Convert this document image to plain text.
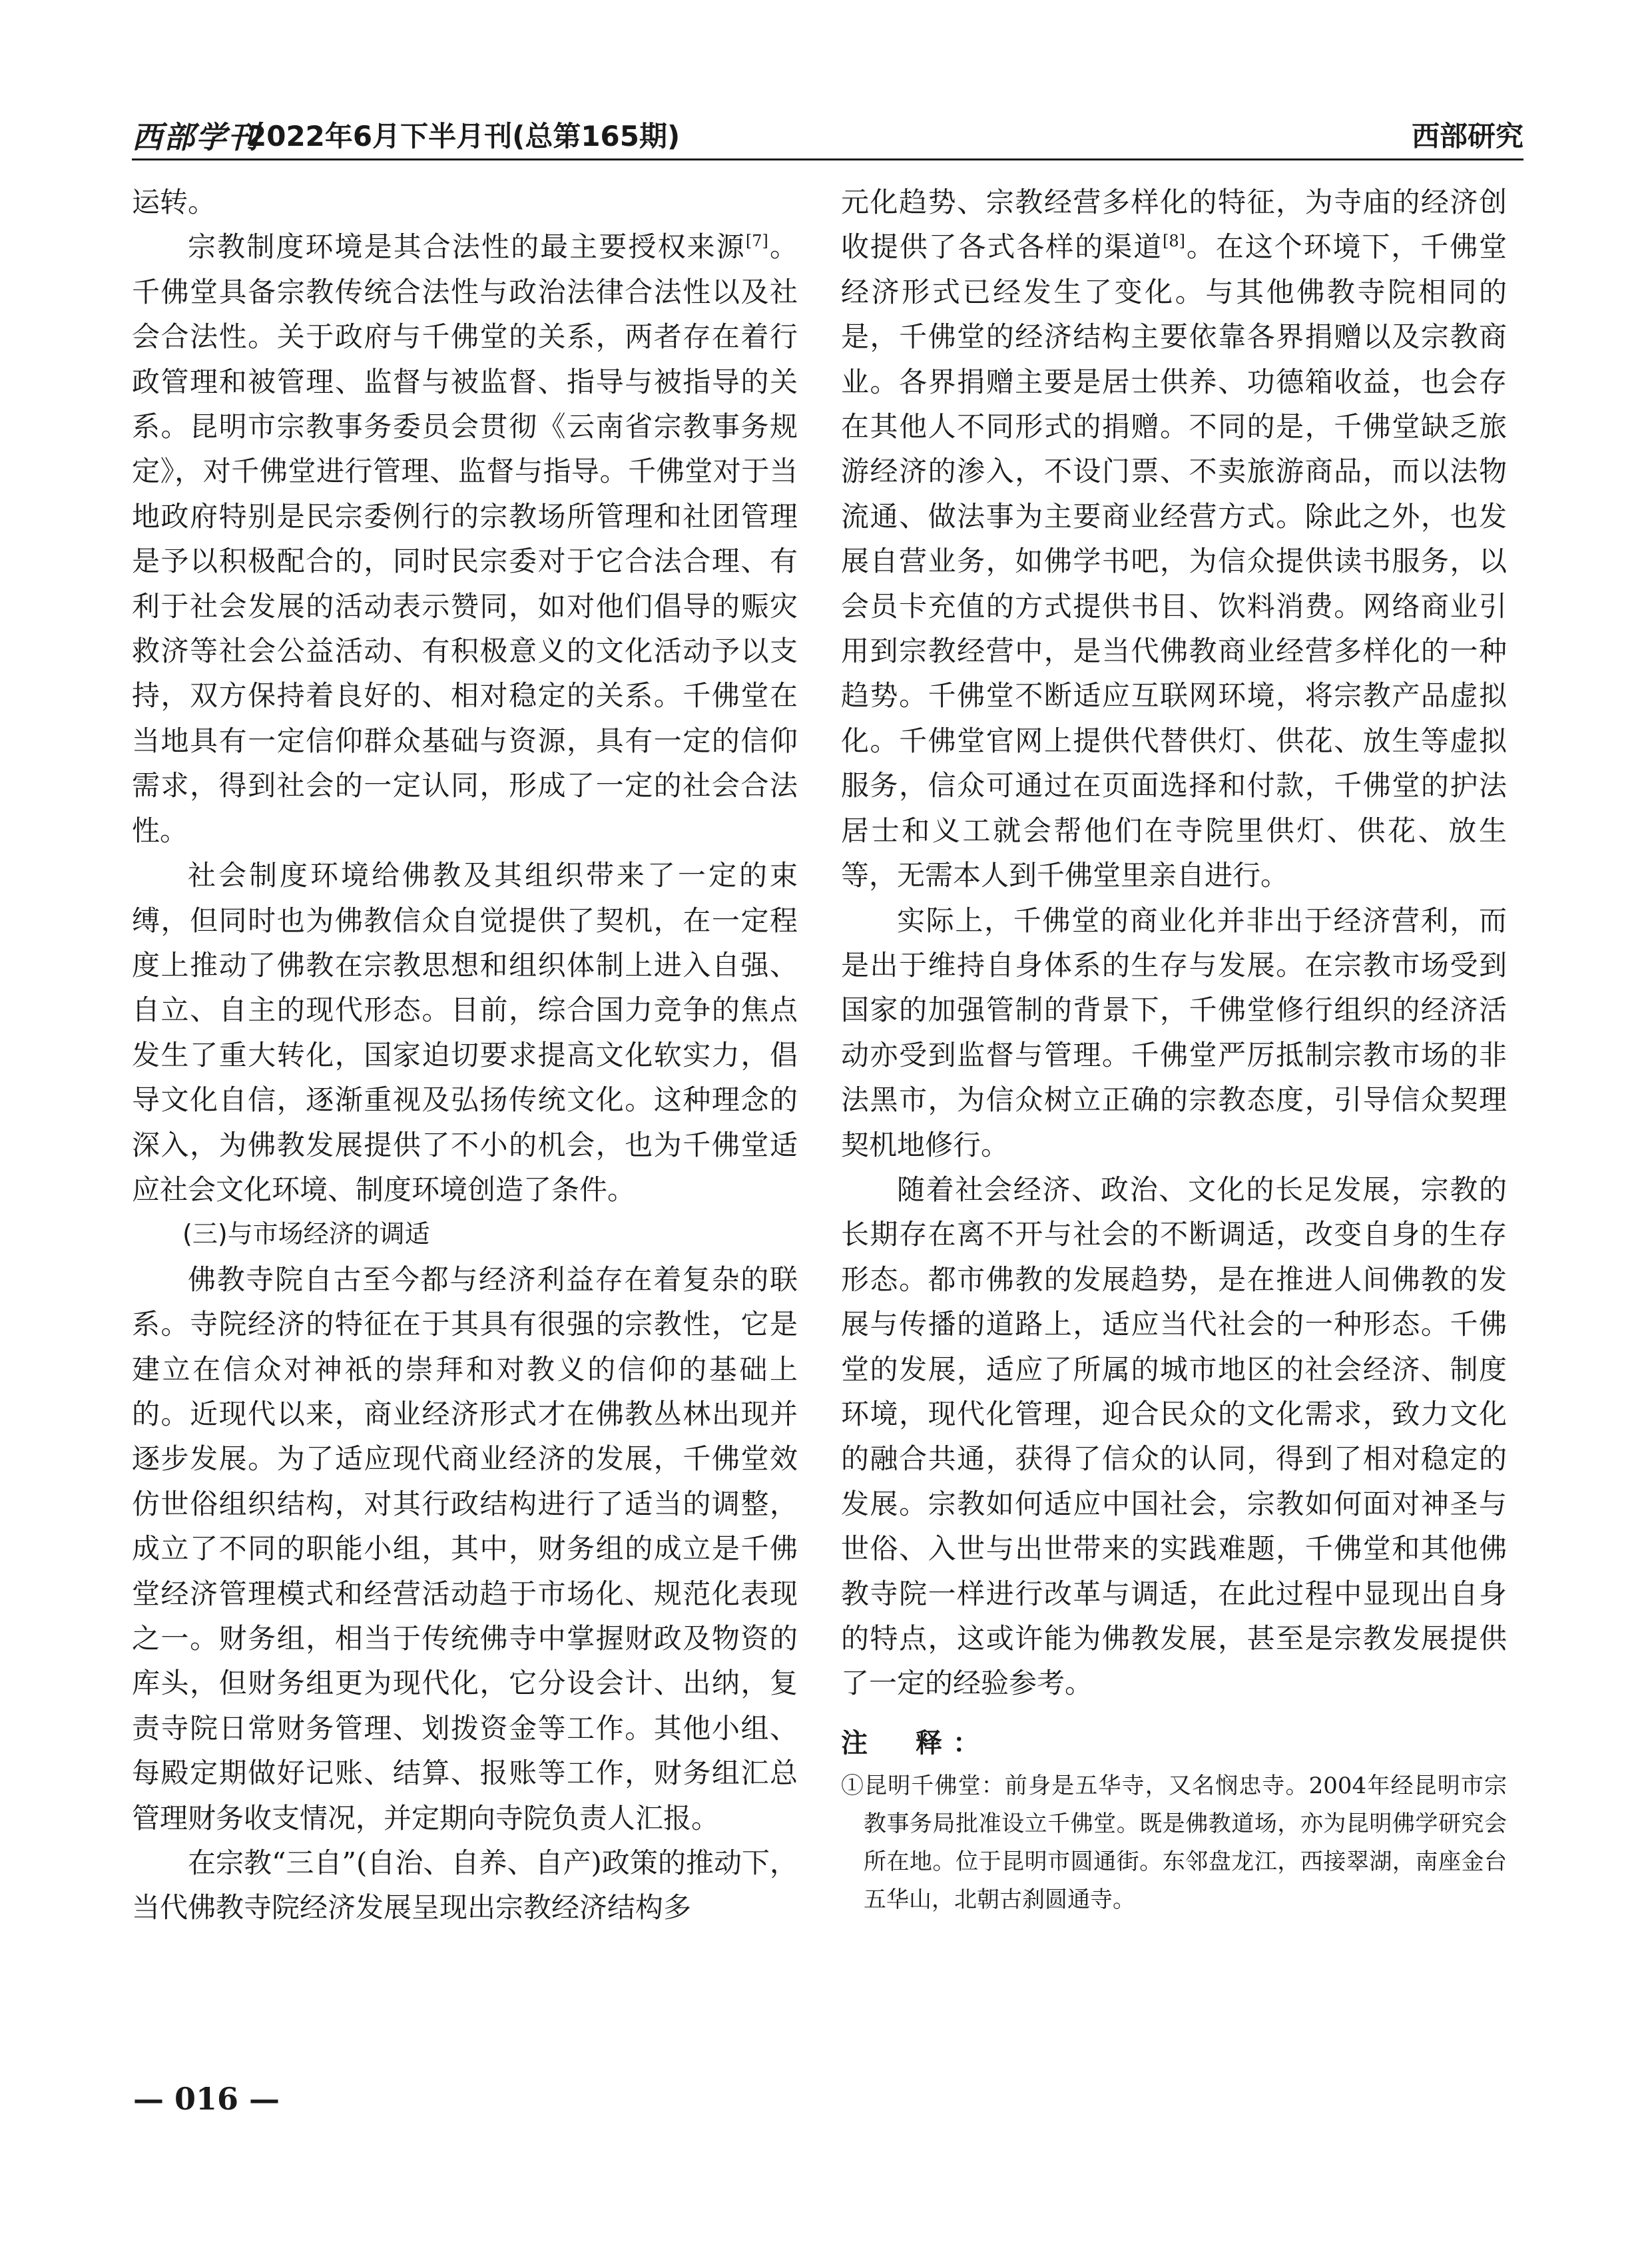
西部学刊
2022年6月下半月刊(总第165期)	西部研究

运转。

宗教制度环境是其合法性的最主要授权来源[7]。千佛堂具备宗教传统合法性与政治法律合法性以及社会合法性。关于政府与千佛堂的关系，两者存在着行政管理和被管理、监督与被监督、指导与被指导的关系。昆明市宗教事务委员会贯彻《云南省宗教事务规定》，对千佛堂进行管理、监督与指导。千佛堂对于当地政府特别是民宗委例行的宗教场所管理和社团管理是予以积极配合的，同时民宗委对于它合法合理、有利于社会发展的活动表示赞同，如对他们倡导的赈灾救济等社会公益活动、有积极意义的文化活动予以支持，双方保持着良好的、相对稳定的关系。千佛堂在当地具有一定信仰群众基础与资源，具有一定的信仰需求，得到社会的一定认同，形成了一定的社会合法性。

社会制度环境给佛教及其组织带来了一定的束缚，但同时也为佛教信众自觉提供了契机，在一定程度上推动了佛教在宗教思想和组织体制上进入自强、自立、自主的现代形态。目前，综合国力竞争的焦点发生了重大转化，国家迫切要求提高文化软实力，倡导文化自信，逐渐重视及弘扬传统文化。这种理念的深入，为佛教发展提供了不小的机会，也为千佛堂适应社会文化环境、制度环境创造了条件。

(三)与市场经济的调适

佛教寺院自古至今都与经济利益存在着复杂的联系。寺院经济的特征在于其具有很强的宗教性，它是建立在信众对神祇的崇拜和对教义的信仰的基础上的。近现代以来，商业经济形式才在佛教丛林出现并逐步发展。为了适应现代商业经济的发展，千佛堂效仿世俗组织结构，对其行政结构进行了适当的调整，成立了不同的职能小组，其中，财务组的成立是千佛堂经济管理模式和经营活动趋于市场化、规范化表现之一。财务组，相当于传统佛寺中掌握财政及物资的库头，但财务组更为现代化，它分设会计、出纳，复责寺院日常财务管理、划拨资金等工作。其他小组、每殿定期做好记账、结算、报账等工作，财务组汇总管理财务收支情况，并定期向寺院负责人汇报。

在宗教“三自”(自治、自养、自产)政策的推动下，当代佛教寺院经济发展呈现出宗教经济结构多

元化趋势、宗教经营多样化的特征，为寺庙的经济创收提供了各式各样的渠道[8]。在这个环境下，千佛堂经济形式已经发生了变化。与其他佛教寺院相同的是，千佛堂的经济结构主要依靠各界捐赠以及宗教商业。各界捐赠主要是居士供养、功德箱收益，也会存在其他人不同形式的捐赠。不同的是，千佛堂缺乏旅游经济的渗入，不设门票、不卖旅游商品，而以法物流通、做法事为主要商业经营方式。除此之外，也发展自营业务，如佛学书吧，为信众提供读书服务，以会员卡充值的方式提供书目、饮料消费。网络商业引用到宗教经营中，是当代佛教商业经营多样化的一种趋势。千佛堂不断适应互联网环境，将宗教产品虚拟化。千佛堂官网上提供代替供灯、供花、放生等虚拟服务，信众可通过在页面选择和付款，千佛堂的护法居士和义工就会帮他们在寺院里供灯、供花、放生等，无需本人到千佛堂里亲自进行。

实际上，千佛堂的商业化并非出于经济营利，而是出于维持自身体系的生存与发展。在宗教市场受到国家的加强管制的背景下，千佛堂修行组织的经济活动亦受到监督与管理。千佛堂严厉抵制宗教市场的非法黑市，为信众树立正确的宗教态度，引导信众契理契机地修行。

随着社会经济、政治、文化的长足发展，宗教的长期存在离不开与社会的不断调适，改变自身的生存形态。都市佛教的发展趋势，是在推进人间佛教的发展与传播的道路上，适应当代社会的一种形态。千佛堂的发展，适应了所属的城市地区的社会经济、制度环境，现代化管理，迎合民众的文化需求，致力文化的融合共通，获得了信众的认同，得到了相对稳定的发展。宗教如何适应中国社会，宗教如何面对神圣与世俗、入世与出世带来的实践难题，千佛堂和其他佛教寺院一样进行改革与调适，在此过程中显现出自身的特点，这或许能为佛教发展，甚至是宗教发展提供了一定的经验参考。

注　释：
①昆明千佛堂：前身是五华寺，又名悯忠寺。2004年经昆明市宗教事务局批准设立千佛堂。既是佛教道场，亦为昆明佛学研究会所在地。位于昆明市圆通街。东邻盘龙江，西接翠湖，南座金台五华山，北朝古刹圆通寺。
— 016 —
